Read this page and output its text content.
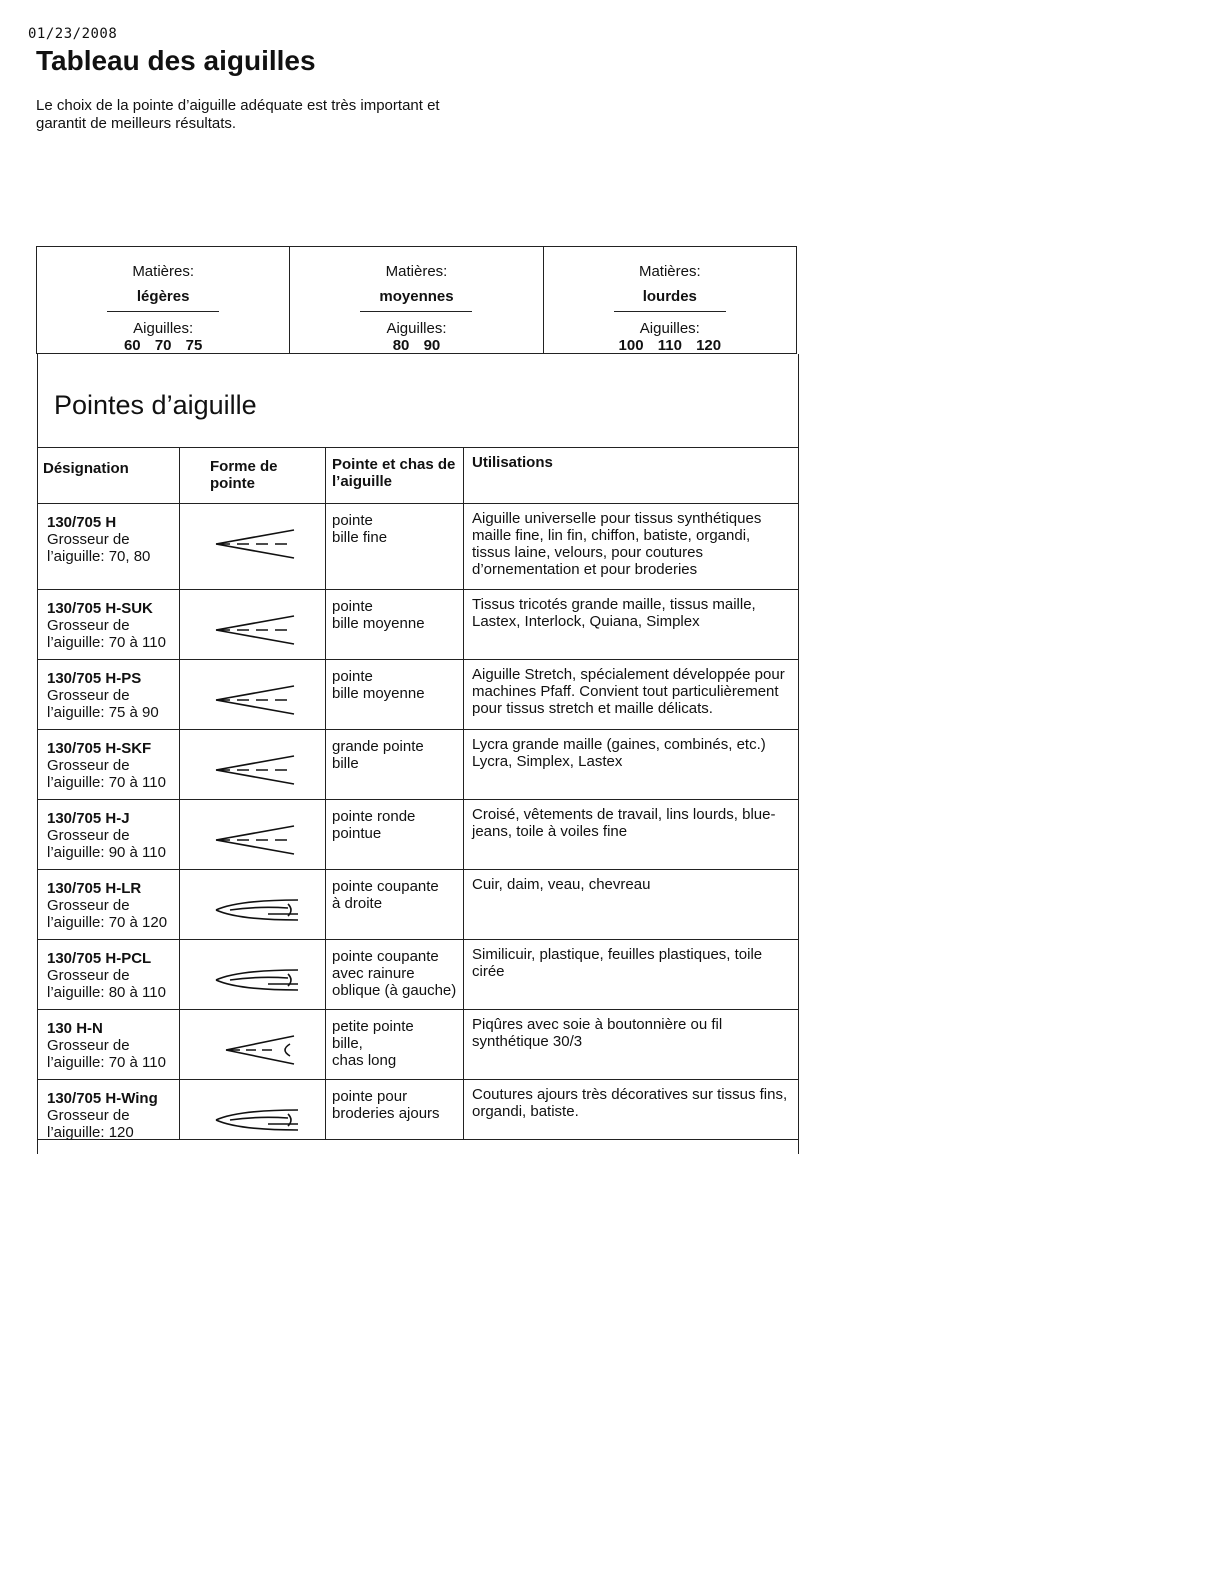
01/23/2008
Tableau des aiguilles
Le choix de la pointe d’aiguille adéquate est très important et garantit de meilleurs résultats.
Matières:
légères
Aiguilles:
60 70 75
Matières:
moyennes
Aiguilles:
80 90
Matières:
lourdes
Aiguilles:
100 110 120
Pointes d’aiguille
Désignation	Forme de pointe
Pointe et chas de l’aiguille
Utilisations
130/705 H
Grosseur de l’aiguille: 70, 80
pointe
bille fine
Aiguille universelle pour tissus synthétiques maille fine, lin fin, chiffon, batiste, organdi, tissus laine, velours, pour coutures d’ornementation et pour broderies
130/705 H-SUK
Grosseur de l’aiguille: 70 à 110
pointe
bille moyenne
Tissus tricotés grande maille, tissus maille, Lastex, Interlock, Quiana, Simplex
130/705 H-PS
Grosseur de l’aiguille: 75 à 90
pointe
bille moyenne
Aiguille Stretch, spécialement développée pour machines Pfaff. Convient tout particulièrement pour tissus stretch et maille délicats.
130/705 H-SKF
Grosseur de l’aiguille: 70 à 110
grande pointe
bille
Lycra grande maille (gaines, combinés, etc.) Lycra, Simplex, Lastex
130/705 H-J
Grosseur de l’aiguille: 90 à 110
pointe ronde
pointue
Croisé, vêtements de travail, lins lourds, blue-jeans, toile à voiles fine
130/705 H-LR
Grosseur de l’aiguille: 70 à 120
pointe coupante
à droite
Cuir, daim, veau, chevreau
130/705 H-PCL
Grosseur de l’aiguille: 80 à 110
pointe coupante
avec rainure oblique (à gauche)
Similicuir, plastique, feuilles plastiques, toile cirée
130 H-N
Grosseur de l’aiguille: 70 à 110
petite pointe
bille,
chas long
Piqûres avec soie à boutonnière ou fil synthétique 30/3
130/705 H-Wing
Grosseur de l’aiguille: 120
pointe pour
broderies ajours
Coutures ajours très décoratives sur tissus fins, organdi, batiste.
